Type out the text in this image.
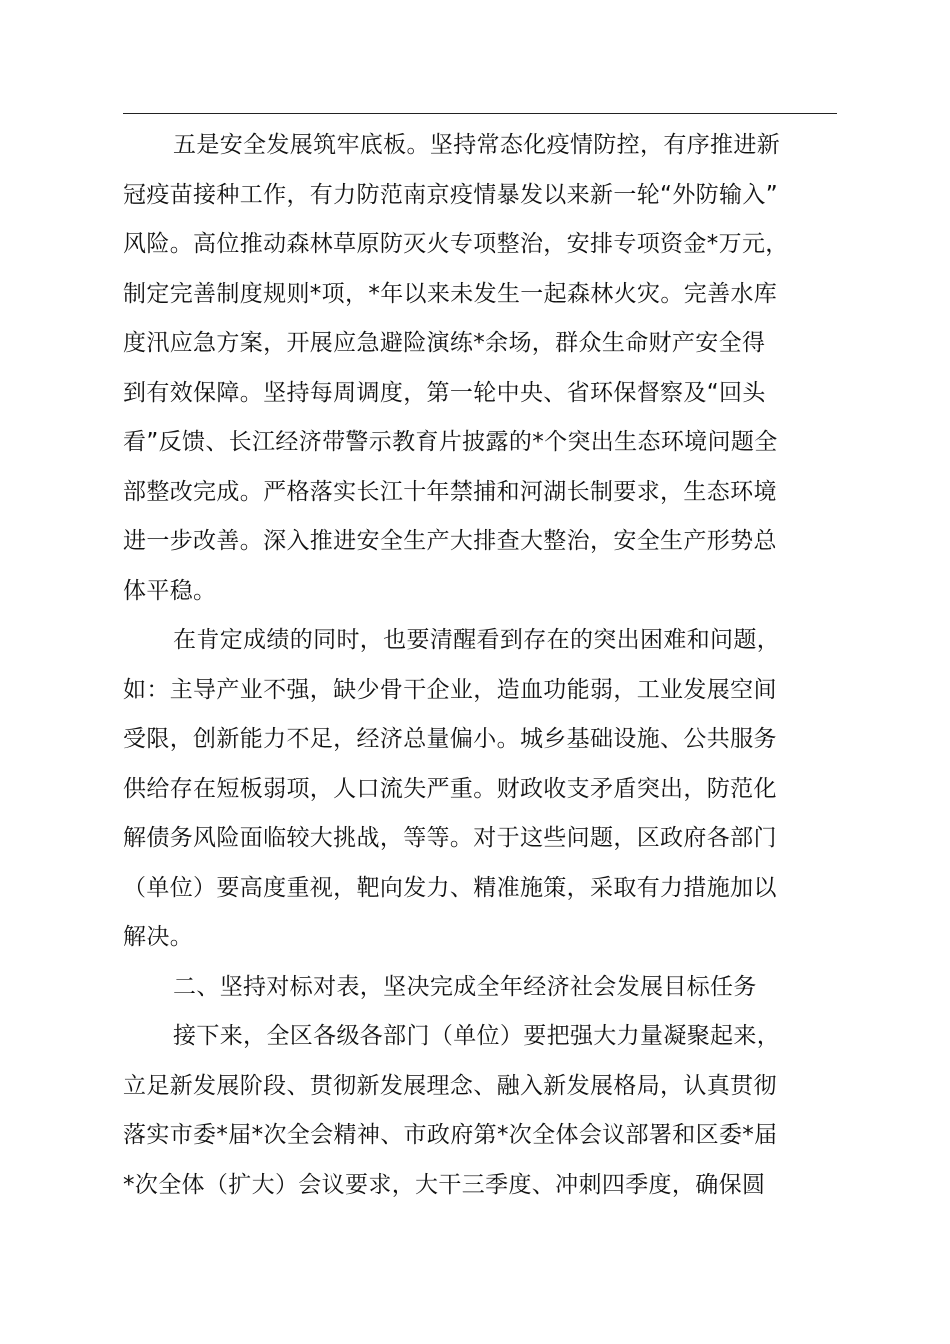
五是安全发展筑牢底板。坚持常态化疫情防控，有序推进新
冠疫苗接种工作，有力防范南京疫情暴发以来新一轮“外防输入”
风险。高位推动森林草原防灭火专项整治，安排专项资金*万元，
制定完善制度规则*项，*年以来未发生一起森林火灾。完善水库
度汛应急方案，开展应急避险演练*余场，群众生命财产安全得
到有效保障。坚持每周调度，第一轮中央、省环保督察及“回头
看”反馈、长江经济带警示教育片披露的*个突出生态环境问题全
部整改完成。严格落实长江十年禁捕和河湖长制要求，生态环境
进一步改善。深入推进安全生产大排查大整治，安全生产形势总
体平稳。
在肯定成绩的同时，也要清醒看到存在的突出困难和问题，
如：主导产业不强，缺少骨干企业，造血功能弱，工业发展空间
受限，创新能力不足，经济总量偏小。城乡基础设施、公共服务
供给存在短板弱项，人口流失严重。财政收支矛盾突出，防范化
解债务风险面临较大挑战，等等。对于这些问题，区政府各部门
（单位）要高度重视，靶向发力、精准施策，采取有力措施加以
解决。
二、坚持对标对表，坚决完成全年经济社会发展目标任务
接下来，全区各级各部门（单位）要把强大力量凝聚起来，
立足新发展阶段、贯彻新发展理念、融入新发展格局，认真贯彻
落实市委*届*次全会精神、市政府第*次全体会议部署和区委*届
*次全体（扩大）会议要求，大干三季度、冲刺四季度，确保圆
